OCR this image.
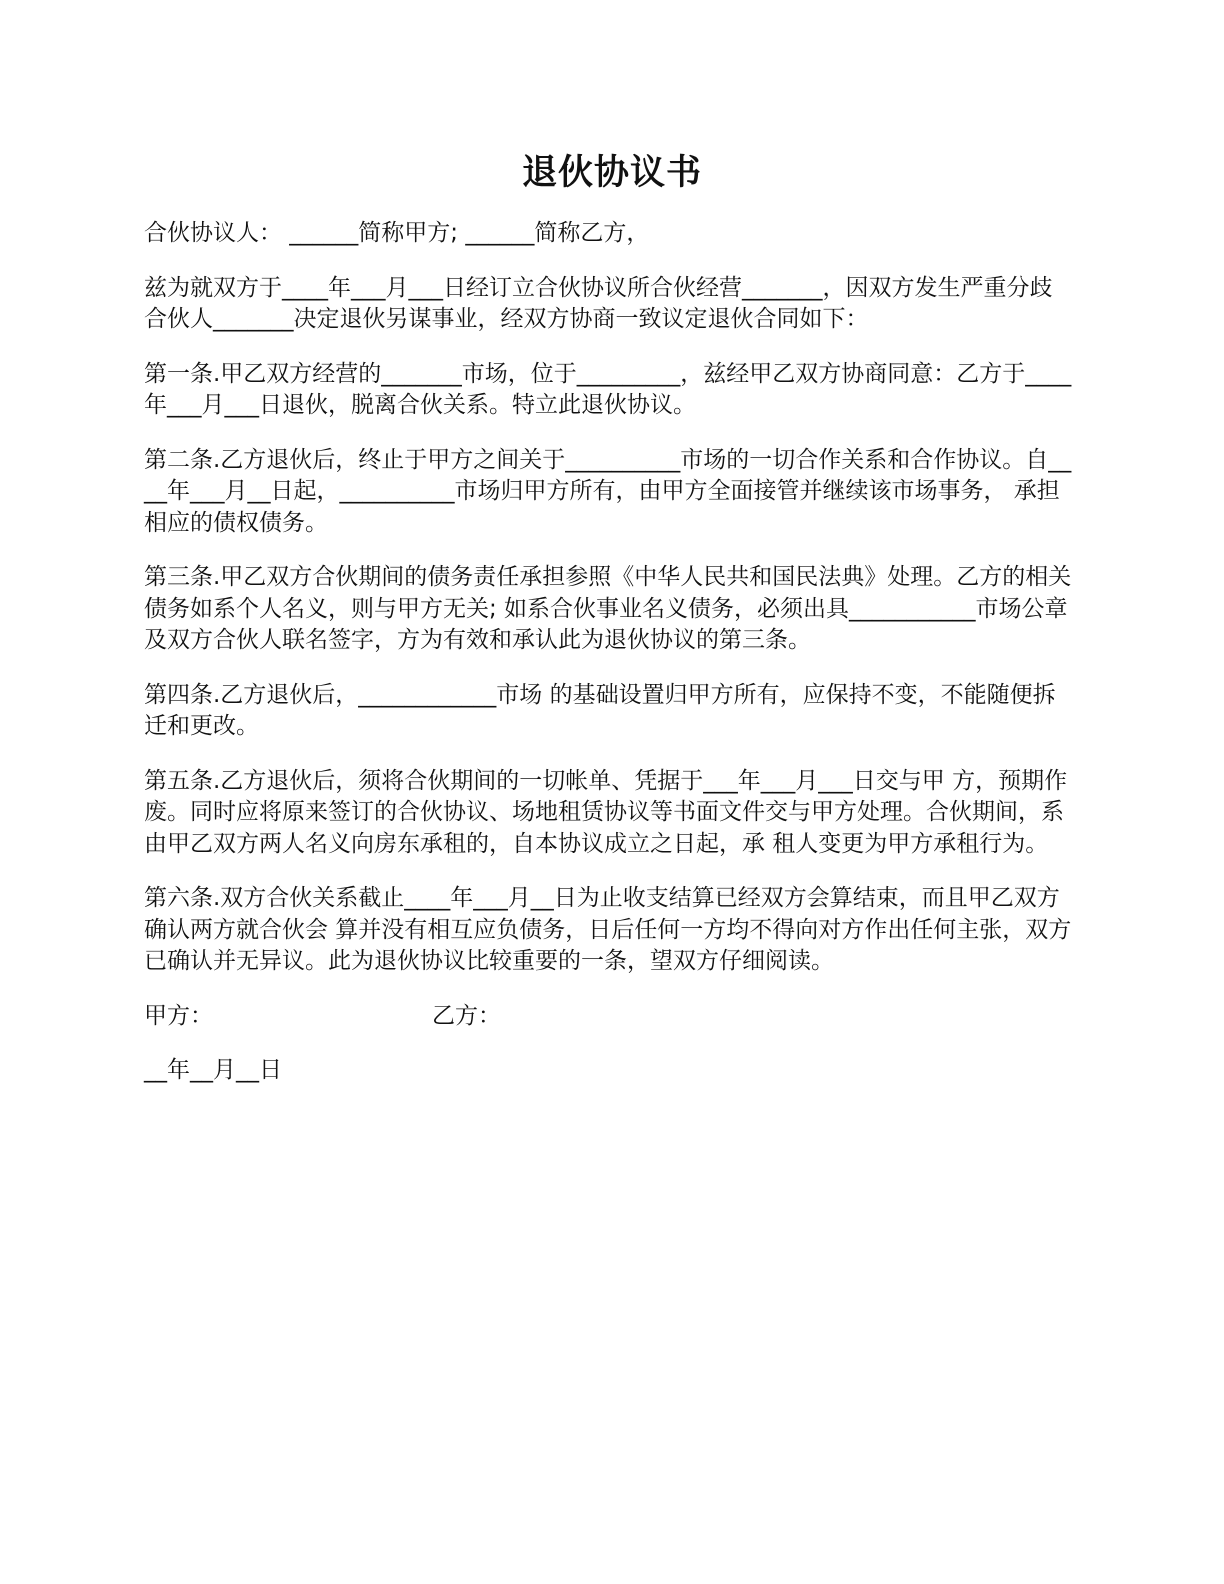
退伙协议书

合伙协议人： ______简称甲方; ______简称乙方，

兹为就双方于____年___月___日经订立合伙协议所合伙经营_______，因双方发生严重分歧合伙人_______决定退伙另谋事业，经双方协商一致议定退伙合同如下：

第一条.甲乙双方经营的_______市场，位于_________，兹经甲乙双方协商同意：乙方于____年___月___日退伙，脱离合伙关系。特立此退伙协议。

第二条.乙方退伙后，终止于甲方之间关于__________市场的一切合作关系和合作协议。自____年___月__日起，__________市场归甲方所有，由甲方全面接管并继续该市场事务， 承担相应的债权债务。

第三条.甲乙双方合伙期间的债务责任承担参照《中华人民共和国民法典》处理。乙方的相关债务如系个人名义，则与甲方无关; 如系合伙事业名义债务，必须出具___________市场公章及双方合伙人联名签字，方为有效和承认此为退伙协议的第三条。

第四条.乙方退伙后，____________市场 的基础设置归甲方所有，应保持不变，不能随便拆迁和更改。

第五条.乙方退伙后，须将合伙期间的一切帐单、凭据于___年___月___日交与甲 方，预期作废。同时应将原来签订的合伙协议、场地租赁协议等书面文件交与甲方处理。合伙期间，系由甲乙双方两人名义向房东承租的，自本协议成立之日起，承 租人变更为甲方承租行为。

第六条.双方合伙关系截止____年___月__日为止收支结算已经双方会算结束，而且甲乙双方确认两方就合伙会 算并没有相互应负债务，日后任何一方均不得向对方作出任何主张，双方已确认并无异议。此为退伙协议比较重要的一条，望双方仔细阅读。

甲方：	乙方：

__年__月__日
